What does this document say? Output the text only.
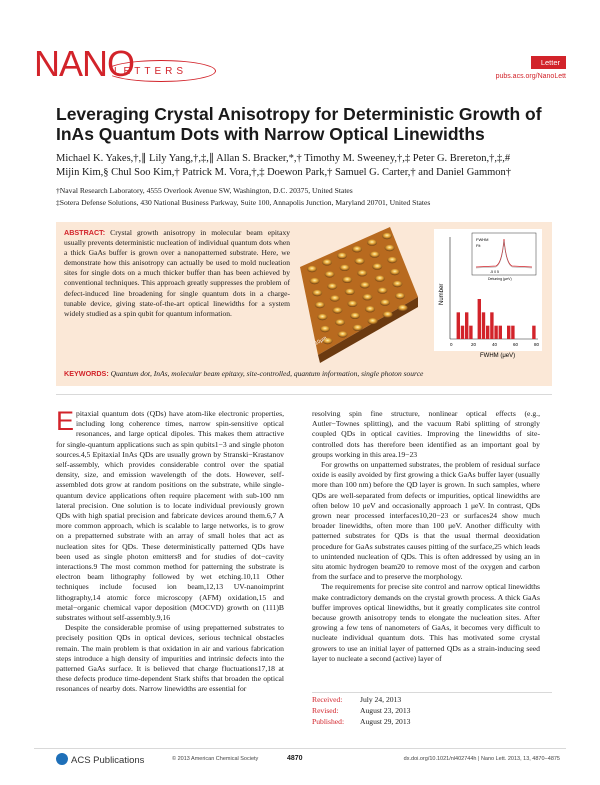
NANO
LETTERS
Letter
pubs.acs.org/NanoLett
Leveraging Crystal Anisotropy for Deterministic Growth of InAs Quantum Dots with Narrow Optical Linewidths
Michael K. Yakes,†,∥ Lily Yang,†,‡,∥ Allan S. Bracker,*,† Timothy M. Sweeney,†,‡ Peter G. Brereton,†,‡,#
Mijin Kim,§ Chul Soo Kim,† Patrick M. Vora,†,‡ Doewon Park,† Samuel G. Carter,† and Daniel Gammon†
†Naval Research Laboratory, 4555 Overlook Avenue SW, Washington, D.C. 20375, United States
‡Sotera Defense Solutions, 430 National Business Parkway, Suite 100, Annapolis Junction, Maryland 20701, United States
ABSTRACT: Crystal growth anisotropy in molecular beam epitaxy usually prevents deterministic nucleation of individual quantum dots when a thick GaAs buffer is grown over a nanopatterned substrate. Here, we demonstrate how this anisotropy can actually be used to mold nucleation sites for single dots on a much thicker buffer than has been achieved by conventional techniques. This approach greatly suppresses the problem of defect-induced line broadening for single quantum dots in a charge-tunable device, giving state-of-the-art optical linewidths for a system widely studied as a spin qubit for quantum information.
10μm	0	20	40	60	80
Number
FWHM (μeV)
FWHM
Fit
-5 0 5
Detuning (μeV)
KEYWORDS: Quantum dot, InAs, molecular beam epitaxy, site-controlled, quantum information, single photon source

Epitaxial quantum dots (QDs) have atom-like electronic properties, including long coherence times, narrow spin-sensitive optical resonances, and large optical dipoles. This makes them attractive for single-quantum applications such as spin qubits1−3 and single photon sources.4,5 Epitaxial InAs QDs are usually grown by Stranski−Krastanov self-assembly, which provides considerable control over the spatial density, size, and emission wavelength of the dots. However, self-assembled dots grow at random positions on the substrate, while single-quantum device applications often require placement with sub-100 nm lateral precision. One solution is to locate individual previously grown QDs with high spatial precision and fabricate devices around them.6,7 A more common approach, which is scalable to large networks, is to grow on a prepatterned substrate with an array of small holes that act as nucleation sites for QDs. These deterministically patterned QDs have been used as single photon emitters8 and for studies of dot−cavity interactions.9 The most common method for patterning the substrate is electron beam lithography followed by wet etching.10,11 Other techniques include focused ion beam,12,13 UV-nanoimprint lithography,14 atomic force microscopy (AFM) oxidation,15 and metal−organic chemical vapor deposition (MOCVD) growth on (111)B substrates without self-assembly.9,16

Despite the considerable promise of using prepatterned substrates to precisely position QDs in optical devices, serious technical obstacles remain. The main problem is that oxidation in air and various fabrication steps introduce a high density of impurities and intrinsic defects into the patterned GaAs surface. It is believed that charge fluctuations17,18 at these defects produce time-dependent Stark shifts that broaden the optical resonances of nearby dots. Narrow linewidths are essential for

resolving spin fine structure, nonlinear optical effects (e.g., Autler−Townes splitting), and the vacuum Rabi splitting of strongly coupled QDs in optical cavities. Improving the linewidths of site-controlled dots has therefore been identified as an important goal by groups working in this area.19−23

For growths on unpatterned substrates, the problem of residual surface oxide is easily avoided by first growing a thick GaAs buffer layer (usually more than 100 nm) before the QD layer is grown. In such samples, where QDs are well-separated from defects or impurities, optical linewidths are often below 10 μeV and occasionally approach 1 μeV. In contrast, QDs grown near processed interfaces10,20−23 or surfaces24 show much broader linewidths, often more than 100 μeV. Another difficulty with patterned substrates for QDs is that the usual thermal deoxidation procedure for GaAs substrates causes pitting of the surface,25 which leads to unintended nucleation of QDs. This is often addressed by using an in situ atomic hydrogen beam20 to remove most of the oxygen and carbon from the surface and to preserve the morphology.

The requirements for precise site control and narrow optical linewidths make contradictory demands on the crystal growth process. A thick GaAs buffer improves optical linewidths, but it greatly complicates site control because growth anisotropy tends to elongate the nucleation sites. After growing a few tens of nanometers of GaAs, it becomes very difficult to nucleate individual quantum dots. This has motivated some crystal growers to use an initial layer of patterned QDs as a strain-inducing seed layer to nucleate a second (active) layer of

Received: July 24, 2013
Revised:	August 23, 2013
Published: August 29, 2013
ACS Publications	© 2013 American Chemical Society	4870	dx.doi.org/10.1021/nl402744h | Nano Lett. 2013, 13, 4870−4875
